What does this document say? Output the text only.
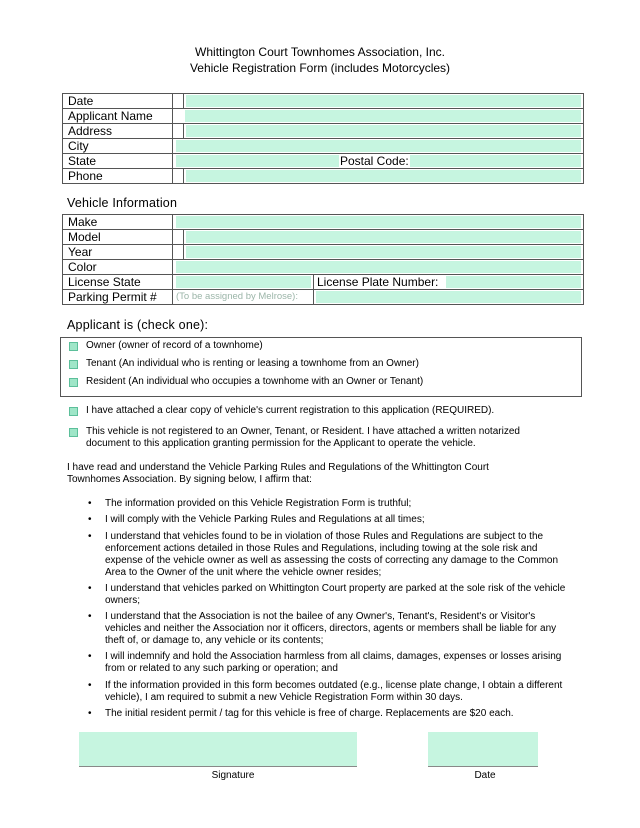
Whittington Court Townhomes Association, Inc.
Vehicle Registration Form (includes Motorcycles)
Date		

Applicant Name		

Address		

City		

State	Postal Code:	

Phone		
Vehicle Information
Make			

Model			

Year			

Color			

License State			License Plate Number:

Parking Permit #	(To be assigned by Melrose):		

Applicant is (check one):
Owner (owner of record of a townhome)
Tenant (An individual who is renting or leasing a townhome from an Owner)
Resident (An individual who occupies a townhome with an Owner or Tenant)
I have attached a clear copy of vehicle's current registration to this application (REQUIRED).
This vehicle is not registered to an Owner, Tenant, or Resident. I have attached a written notarized document to this application granting permission for the Applicant to operate the vehicle.
I have read and understand the Vehicle Parking Rules and Regulations of the Whittington Court Townhomes Association. By signing below, I affirm that:
• The information provided on this Vehicle Registration Form is truthful;
• I will comply with the Vehicle Parking Rules and Regulations at all times;
• I understand that vehicles found to be in violation of those Rules and Regulations are subject to the enforcement actions detailed in those Rules and Regulations, including towing at the sole risk and expense of the vehicle owner as well as assessing the costs of correcting any damage to the Common Area to the Owner of the unit where the vehicle owner resides;
• I understand that vehicles parked on Whittington Court property are parked at the sole risk of the vehicle owners;
• I understand that the Association is not the bailee of any Owner's, Tenant's, Resident's or Visitor's vehicles and neither the Association nor it officers, directors, agents or members shall be liable for any theft of, or damage to, any vehicle or its contents;
• I will indemnify and hold the Association harmless from all claims, damages, expenses or losses arising from or related to any such parking or operation; and
• If the information provided in this form becomes outdated (e.g., license plate change, I obtain a different vehicle), I am required to submit a new Vehicle Registration Form within 30 days.
• The initial resident permit / tag for this vehicle is free of charge. Replacements are $20 each.
Signature	Date
